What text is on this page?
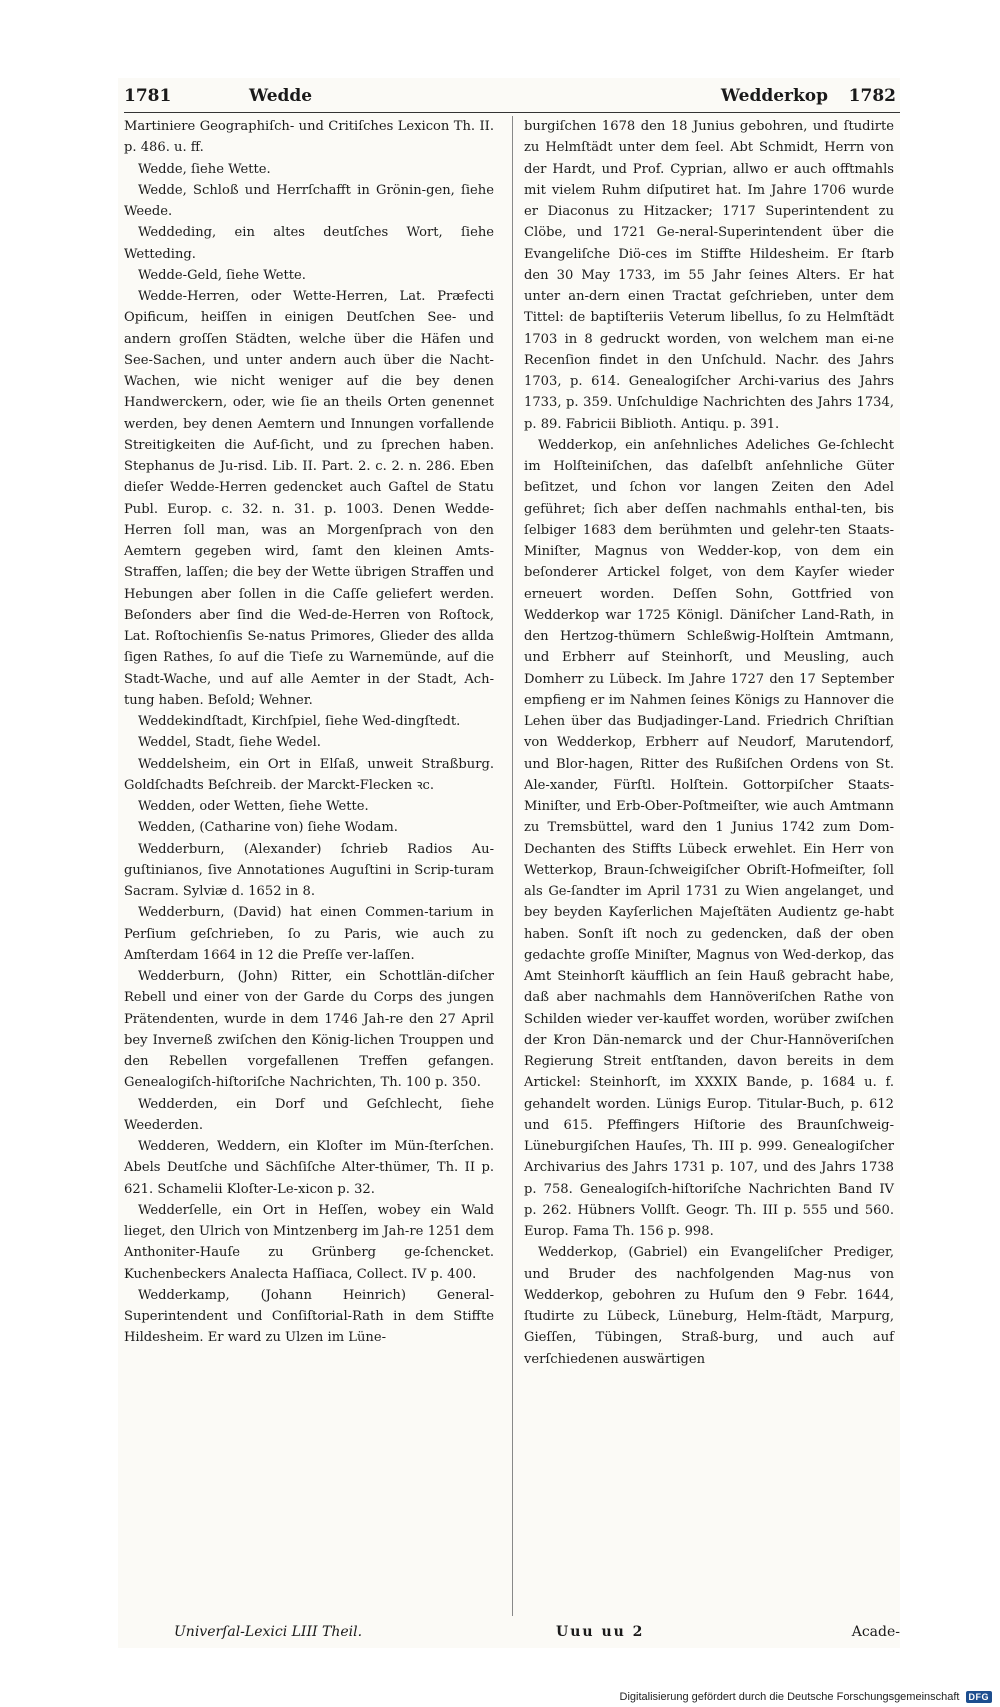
1781	Wedde	Wedderkop 1782

Martiniere Geographiſch- und Critiſches Lexicon Th. II. p. 486. u. ff.

Wedde, ſiehe Wette.

Wedde, Schloß und Herrſchafft in Grönin-gen, ſiehe Weede.

Weddeding, ein altes deutſches Wort, ſiehe Wetteding.

Wedde-Geld, ſiehe Wette.

Wedde-Herren, oder Wette-Herren, Lat. Præfecti Opificum, heiſſen in einigen Deutſchen See- und andern groſſen Städten, welche über die Häfen und See-Sachen, und unter andern auch über die Nacht-Wachen, wie nicht weniger auf die bey denen Handwerckern, oder, wie ſie an theils Orten genennet werden, bey denen Aemtern und Innungen vorfallende Streitigkeiten die Auf-ſicht, und zu ſprechen haben. Stephanus de Ju-risd. Lib. II. Part. 2. c. 2. n. 286. Eben dieſer Wedde-Herren gedencket auch Gaſtel de Statu Publ. Europ. c. 32. n. 31. p. 1003. Denen Wedde-Herren ſoll man, was an Morgenſprach von den Aemtern gegeben wird, ſamt den kleinen Amts-Straffen, laſſen; die bey der Wette übrigen Straffen und Hebungen aber ſollen in die Caſſe geliefert werden. Beſonders aber ſind die Wed-de-Herren von Roſtock, Lat. Roſtochienſis Se-natus Primores, Glieder des allda ſigen Rathes, ſo auf die Tieſe zu Warnemünde, auf die Stadt-Wache, und auf alle Aemter in der Stadt, Ach-tung haben. Beſold; Wehner.

Weddekindſtadt, Kirchſpiel, ſiehe Wed-dingſtedt.

Weddel, Stadt, ſiehe Wedel.

Weddelsheim, ein Ort in Elſaß, unweit Straßburg. Goldſchadts Beſchreib. der Marckt-Flecken ꝛc.

Wedden, oder Wetten, ſiehe Wette.

Wedden, (Catharine von) ſiehe Wodam.

Wedderburn, (Alexander) ſchrieb Radios Au-guſtinianos, ſive Annotationes Auguſtini in Scrip-turam Sacram. Sylviæ d. 1652 in 8.

Wedderburn, (David) hat einen Commen-tarium in Perſium geſchrieben, ſo zu Paris, wie auch zu Amſterdam 1664 in 12 die Preſſe ver-laſſen.

Wedderburn, (John) Ritter, ein Schottlän-diſcher Rebell und einer von der Garde du Corps des jungen Prätendenten, wurde in dem 1746 Jah-re den 27 April bey Inverneß zwiſchen den König-lichen Trouppen und den Rebellen vorgefallenen Treffen gefangen. Genealogiſch-hiſtoriſche Nachrichten, Th. 100 p. 350.

Wedderden, ein Dorf und Geſchlecht, ſiehe Weederden.

Wedderen, Weddern, ein Kloſter im Mün-ſterſchen. Abels Deutſche und Sächſiſche Alter-thümer, Th. II p. 621. Schamelii Kloſter-Le-xicon p. 32.

Wedderſelle, ein Ort in Heſſen, wobey ein Wald lieget, den Ulrich von Mintzenberg im Jah-re 1251 dem Anthoniter-Hauſe zu Grünberg ge-ſchencket. Kuchenbeckers Analecta Haſſiaca, Collect. IV p. 400.

Wedderkamp, (Johann Heinrich) General-Superintendent und Conſiſtorial-Rath in dem Stiffte Hildesheim. Er ward zu Ulzen im Lüne-

burgiſchen 1678 den 18 Junius gebohren, und ſtudirte zu Helmſtädt unter dem ſeel. Abt Schmidt, Herrn von der Hardt, und Prof. Cyprian, allwo er auch offtmahls mit vielem Ruhm diſputiret hat. Im Jahre 1706 wurde er Diaconus zu Hitzacker; 1717 Superintendent zu Clöbe, und 1721 Ge-neral-Superintendent über die Evangeliſche Diö-ces im Stiffte Hildesheim. Er ſtarb den 30 May 1733, im 55 Jahr ſeines Alters. Er hat unter an-dern einen Tractat geſchrieben, unter dem Tittel: de baptiſteriis Veterum libellus, ſo zu Helmſtädt 1703 in 8 gedruckt worden, von welchem man ei-ne Recenſion findet in den Unſchuld. Nachr. des Jahrs 1703, p. 614. Genealogiſcher Archi-varius des Jahrs 1733, p. 359. Unſchuldige Nachrichten des Jahrs 1734, p. 89. Fabricii Biblioth. Antiqu. p. 391.

Wedderkop, ein anſehnliches Adeliches Ge-ſchlecht im Holſteiniſchen, das daſelbſt anſehnliche Güter beſitzet, und ſchon vor langen Zeiten den Adel geführet; ſich aber deſſen nachmahls enthal-ten, bis ſelbiger 1683 dem berühmten und gelehr-ten Staats-Miniſter, Magnus von Wedder-kop, von dem ein beſonderer Artickel folget, von dem Kayſer wieder erneuert worden. Deſſen Sohn, Gottfried von Wedderkop war 1725 Königl. Däniſcher Land-Rath, in den Hertzog-thümern Schleßwig-Holſtein Amtmann, und Erbherr auf Steinhorſt, und Meusling, auch Domherr zu Lübeck. Im Jahre 1727 den 17 September empfieng er im Nahmen ſeines Königs zu Hannover die Lehen über das Budjadinger-Land. Friedrich Chriſtian von Wedderkop, Erbherr auf Neudorf, Marutendorf, und Blor-hagen, Ritter des Rußiſchen Ordens von St. Ale-xander, Fürſtl. Holſtein. Gottorpiſcher Staats-Miniſter, und Erb-Ober-Poſtmeiſter, wie auch Amtmann zu Tremsbüttel, ward den 1 Junius 1742 zum Dom-Dechanten des Stiffts Lübeck erwehlet. Ein Herr von Wetterkop, Braun-ſchweigiſcher Obriſt-Hofmeiſter, ſoll als Ge-ſandter im April 1731 zu Wien angelanget, und bey beyden Kayſerlichen Majeſtäten Audientz ge-habt haben. Sonſt iſt noch zu gedencken, daß der oben gedachte groſſe Miniſter, Magnus von Wed-derkop, das Amt Steinhorſt käufflich an ſein Hauß gebracht habe, daß aber nachmahls dem Hannöveriſchen Rathe von Schilden wieder ver-kauffet worden, worüber zwiſchen der Kron Dän-nemarck und der Chur-Hannöveriſchen Regierung Streit entſtanden, davon bereits in dem Artickel: Steinhorſt, im XXXIX Bande, p. 1684 u. f. gehandelt worden. Lünigs Europ. Titular-Buch, p. 612 und 615. Pfeffingers Hiſtorie des Braunſchweig-Lüneburgiſchen Hauſes, Th. III p. 999. Genealogiſcher Archivarius des Jahrs 1731 p. 107, und des Jahrs 1738 p. 758. Genealogiſch-hiſtoriſche Nachrichten Band IV p. 262. Hübners Vollſt. Geogr. Th. III p. 555 und 560. Europ. Fama Th. 156 p. 998.

Wedderkop, (Gabriel) ein Evangeliſcher Prediger, und Bruder des nachfolgenden Mag-nus von Wedderkop, gebohren zu Huſum den 9 Febr. 1644, ſtudirte zu Lübeck, Lüneburg, Helm-ſtädt, Marpurg, Gieſſen, Tübingen, Straß-burg, und auch auf verſchiedenen auswärtigen

Univerſal-Lexici LIII Theil.	Uuu uu 2	Acade-
Digitalisierung gefördert durch die Deutsche Forschungsgemeinschaft	DFG
